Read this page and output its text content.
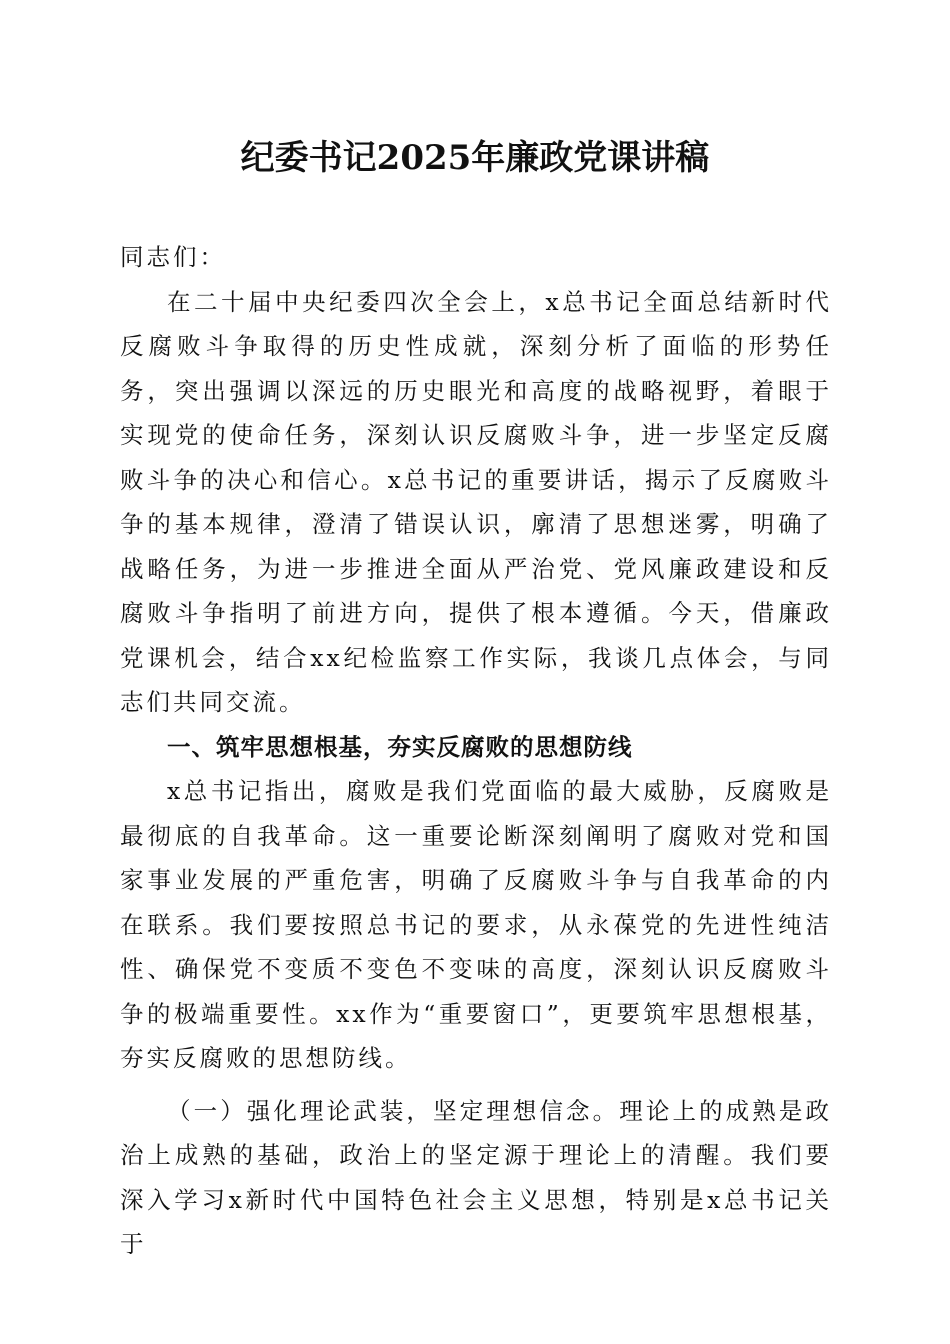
纪委书记2025年廉政党课讲稿

同志们：

在二十届中央纪委四次全会上，x总书记全面总结新时代反腐败斗争取得的历史性成就，深刻分析了面临的形势任务，突出强调以深远的历史眼光和高度的战略视野，着眼于实现党的使命任务，深刻认识反腐败斗争，进一步坚定反腐败斗争的决心和信心。x总书记的重要讲话，揭示了反腐败斗争的基本规律，澄清了错误认识，廓清了思想迷雾，明确了战略任务，为进一步推进全面从严治党、党风廉政建设和反腐败斗争指明了前进方向，提供了根本遵循。今天，借廉政党课机会，结合xx纪检监察工作实际，我谈几点体会，与同志们共同交流。

一、筑牢思想根基，夯实反腐败的思想防线

x总书记指出，腐败是我们党面临的最大威胁，反腐败是最彻底的自我革命。这一重要论断深刻阐明了腐败对党和国家事业发展的严重危害，明确了反腐败斗争与自我革命的内在联系。我们要按照总书记的要求，从永葆党的先进性纯洁性、确保党不变质不变色不变味的高度，深刻认识反腐败斗争的极端重要性。xx作为“重要窗口”，更要筑牢思想根基，夯实反腐败的思想防线。

（一）强化理论武装，坚定理想信念。理论上的成熟是政治上成熟的基础，政治上的坚定源于理论上的清醒。我们要深入学习x新时代中国特色社会主义思想，特别是x总书记关于
